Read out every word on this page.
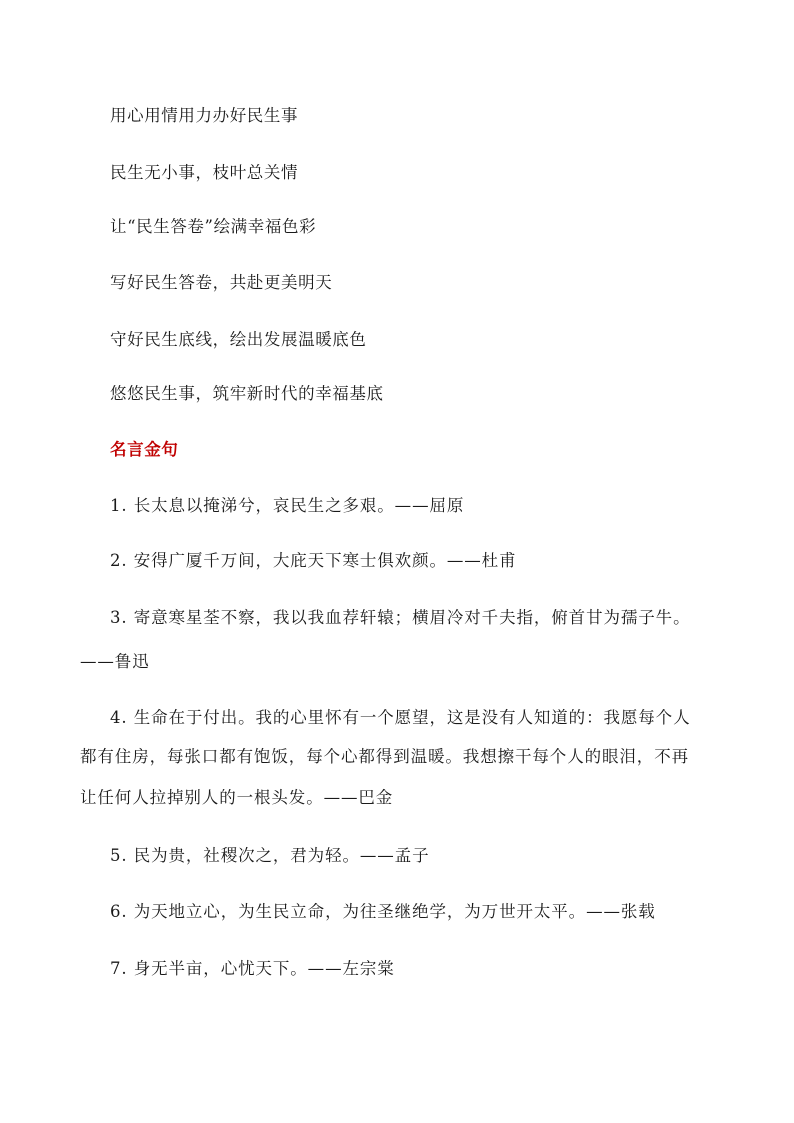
用心用情用力办好民生事
民生无小事，枝叶总关情
让“民生答卷”绘满幸福色彩
写好民生答卷，共赴更美明天
守好民生底线，绘出发展温暖底色
悠悠民生事，筑牢新时代的幸福基底
名言金句
1. 长太息以掩涕兮，哀民生之多艰。——屈原
2. 安得广厦千万间，大庇天下寒士俱欢颜。——杜甫
3. 寄意寒星荃不察，我以我血荐轩辕；横眉冷对千夫指，俯首甘为孺子牛。
——鲁迅
4. 生命在于付出。我的心里怀有一个愿望，这是没有人知道的：我愿每个人
都有住房，每张口都有饱饭，每个心都得到温暖。我想擦干每个人的眼泪，不再
让任何人拉掉别人的一根头发。——巴金
5. 民为贵，社稷次之，君为轻。——孟子
6. 为天地立心，为生民立命，为往圣继绝学，为万世开太平。——张载
7. 身无半亩，心忧天下。——左宗棠
